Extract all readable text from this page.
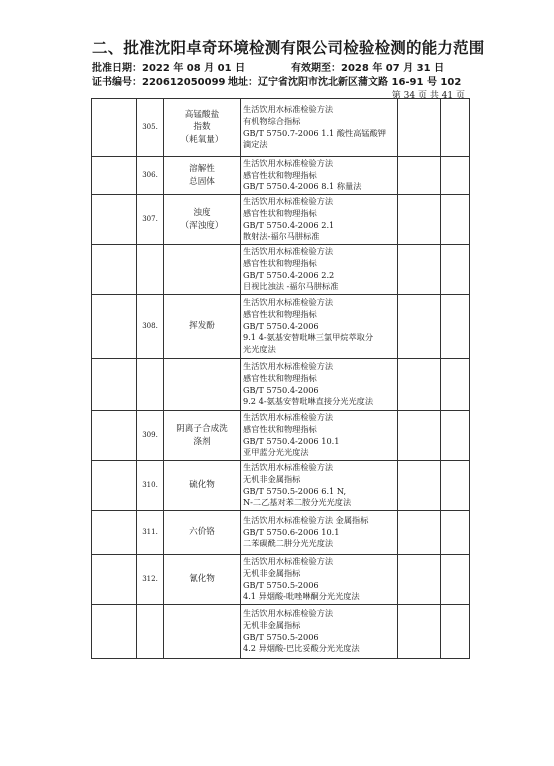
二、批准沈阳卓奇环境检测有限公司检验检测的能力范围
批准日期：2022 年 08 月 01 日	有效期至：2028 年 07 月 31 日
证书编号：220612050099 地址：辽宁省沈阳市沈北新区蒲文路 16-91 号 102
第 34 页 共 41 页
	305.	高锰酸盐
指数
（耗氧量）	生活饮用水标准检验方法
有机物综合指标
GB/T 5750.7-2006 1.1 酸性高锰酸钾
滴定法		

	306.	溶解性
总固体	生活饮用水标准检验方法
感官性状和物理指标
GB/T 5750.4-2006 8.1 称量法		

	307.	浊度
（浑浊度）	生活饮用水标准检验方法
感官性状和物理指标
GB/T 5750.4-2006 2.1
散射法-福尔马肼标准		

			生活饮用水标准检验方法
感官性状和物理指标
GB/T 5750.4-2006 2.2
目视比浊法 -福尔马肼标准		

	308.	挥发酚	生活饮用水标准检验方法
感官性状和物理指标
GB/T 5750.4-2006
9.1 4-氨基安替吡啉三氯甲烷萃取分
光光度法		

			生活饮用水标准检验方法
感官性状和物理指标
GB/T 5750.4-2006
9.2 4-氨基安替吡啉直接分光光度法		

	309.	阴离子合成洗
涤剂	生活饮用水标准检验方法
感官性状和物理指标
GB/T 5750.4-2006 10.1
亚甲蓝分光光度法		

	310.	硫化物	生活饮用水标准检验方法
无机非金属指标
GB/T 5750.5-2006 6.1 N,
N-二乙基对苯二胺分光光度法		

	311.	六价铬	生活饮用水标准检验方法 金属指标
GB/T 5750.6-2006 10.1
二苯碳酰二肼分光光度法		

	312.	氰化物	生活饮用水标准检验方法
无机非金属指标
GB/T 5750.5-2006
4.1 异烟酸-吡唑啉酮分光光度法		

			生活饮用水标准检验方法
无机非金属指标
GB/T 5750.5-2006
4.2 异烟酸-巴比妥酸分光光度法		
